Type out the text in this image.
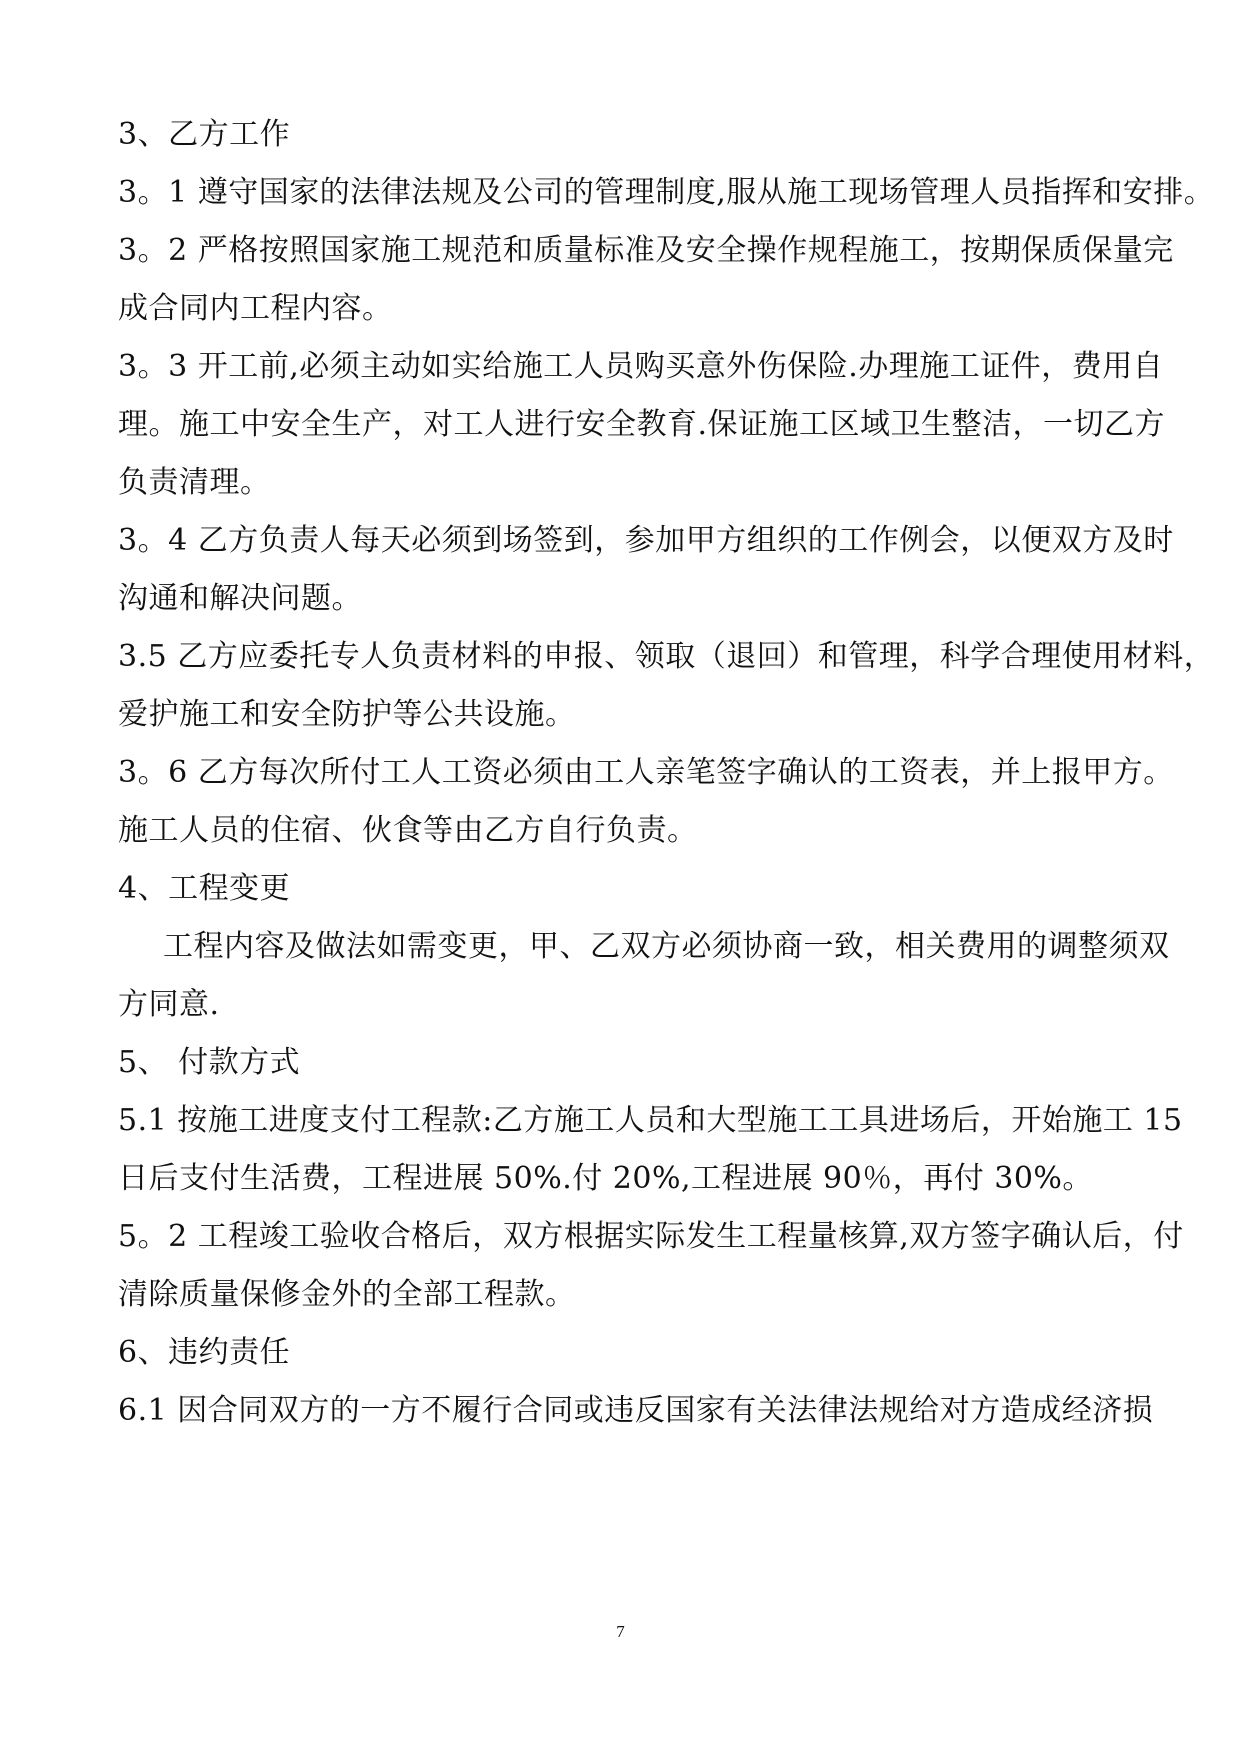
3、乙方工作
3。1 遵守国家的法律法规及公司的管理制度,服从施工现场管理人员指挥和安排。
3。2 严格按照国家施工规范和质量标准及安全操作规程施工，按期保质保量完
成合同内工程内容。
3。3 开工前,必须主动如实给施工人员购买意外伤保险.办理施工证件，费用自
理。施工中安全生产，对工人进行安全教育.保证施工区域卫生整洁，一切乙方
负责清理。
3。4 乙方负责人每天必须到场签到，参加甲方组织的工作例会，以便双方及时
沟通和解决问题。
3.5 乙方应委托专人负责材料的申报、领取（退回）和管理，科学合理使用材料，
爱护施工和安全防护等公共设施。
3。6 乙方每次所付工人工资必须由工人亲笔签字确认的工资表，并上报甲方。
施工人员的住宿、伙食等由乙方自行负责。
4、工程变更
工程内容及做法如需变更，甲、乙双方必须协商一致，相关费用的调整须双
方同意.
5、 付款方式
5.1 按施工进度支付工程款:乙方施工人员和大型施工工具进场后，开始施工 15
日后支付生活费，工程进展 50%.付 20%,工程进展 90％，再付 30%。
5。2 工程竣工验收合格后，双方根据实际发生工程量核算,双方签字确认后，付
清除质量保修金外的全部工程款。
6、违约责任
6.1 因合同双方的一方不履行合同或违反国家有关法律法规给对方造成经济损
7
